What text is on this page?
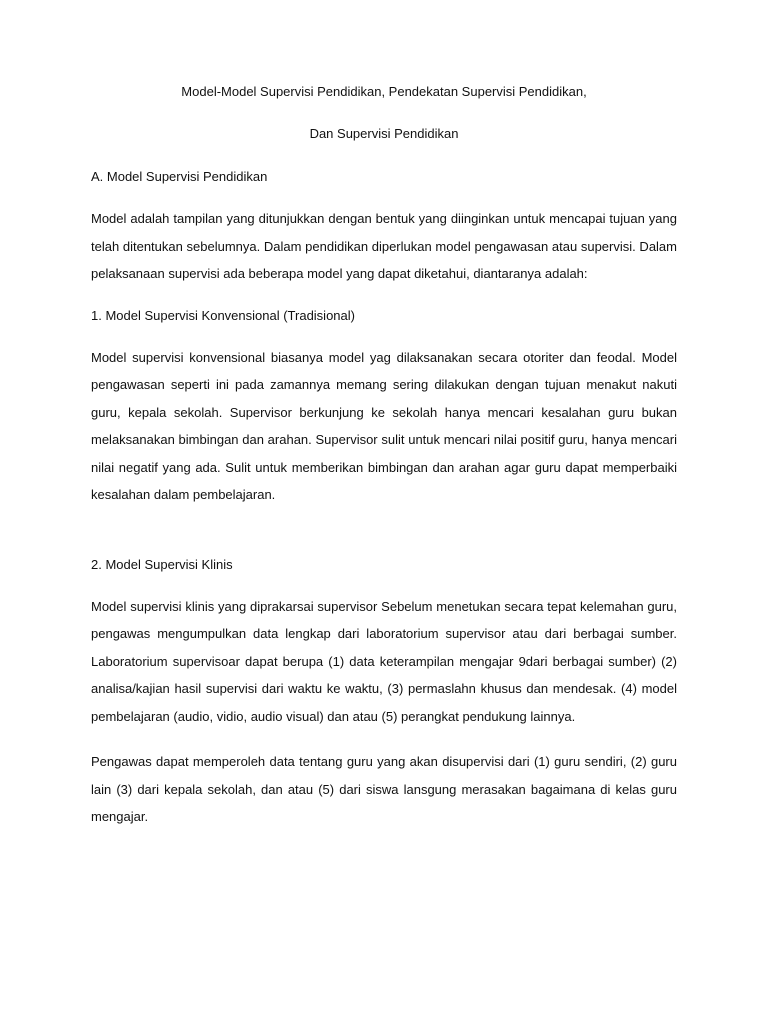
Model-Model Supervisi Pendidikan, Pendekatan Supervisi Pendidikan,

Dan Supervisi Pendidikan

A. Model Supervisi Pendidikan

Model adalah tampilan yang ditunjukkan dengan bentuk yang diinginkan untuk mencapai tujuan yang telah ditentukan sebelumnya. Dalam pendidikan diperlukan model pengawasan atau supervisi. Dalam pelaksanaan supervisi ada beberapa model yang dapat diketahui, diantaranya adalah:

1. Model Supervisi Konvensional (Tradisional)

Model supervisi konvensional biasanya model yag dilaksanakan secara otoriter dan feodal. Model pengawasan seperti ini pada zamannya memang sering dilakukan dengan tujuan menakut nakuti guru, kepala sekolah. Supervisor berkunjung ke sekolah hanya mencari kesalahan guru bukan melaksanakan bimbingan dan arahan. Supervisor sulit untuk mencari nilai positif guru, hanya mencari nilai negatif yang ada. Sulit untuk memberikan bimbingan dan arahan agar guru dapat memperbaiki kesalahan dalam pembelajaran.

2. Model Supervisi Klinis

Model supervisi klinis yang diprakarsai supervisor Sebelum menetukan secara tepat kelemahan guru, pengawas mengumpulkan data lengkap dari laboratorium supervisor atau dari berbagai sumber. Laboratorium supervisoar dapat berupa (1) data keterampilan mengajar 9dari berbagai sumber) (2) analisa/kajian hasil supervisi dari waktu ke waktu, (3) permaslahn khusus dan mendesak. (4) model pembelajaran (audio, vidio, audio visual) dan atau (5) perangkat pendukung lainnya.

Pengawas dapat memperoleh data tentang guru yang akan disupervisi dari (1) guru sendiri, (2) guru lain (3) dari kepala sekolah, dan atau (5) dari siswa lansgung merasakan bagaimana di kelas guru mengajar.
